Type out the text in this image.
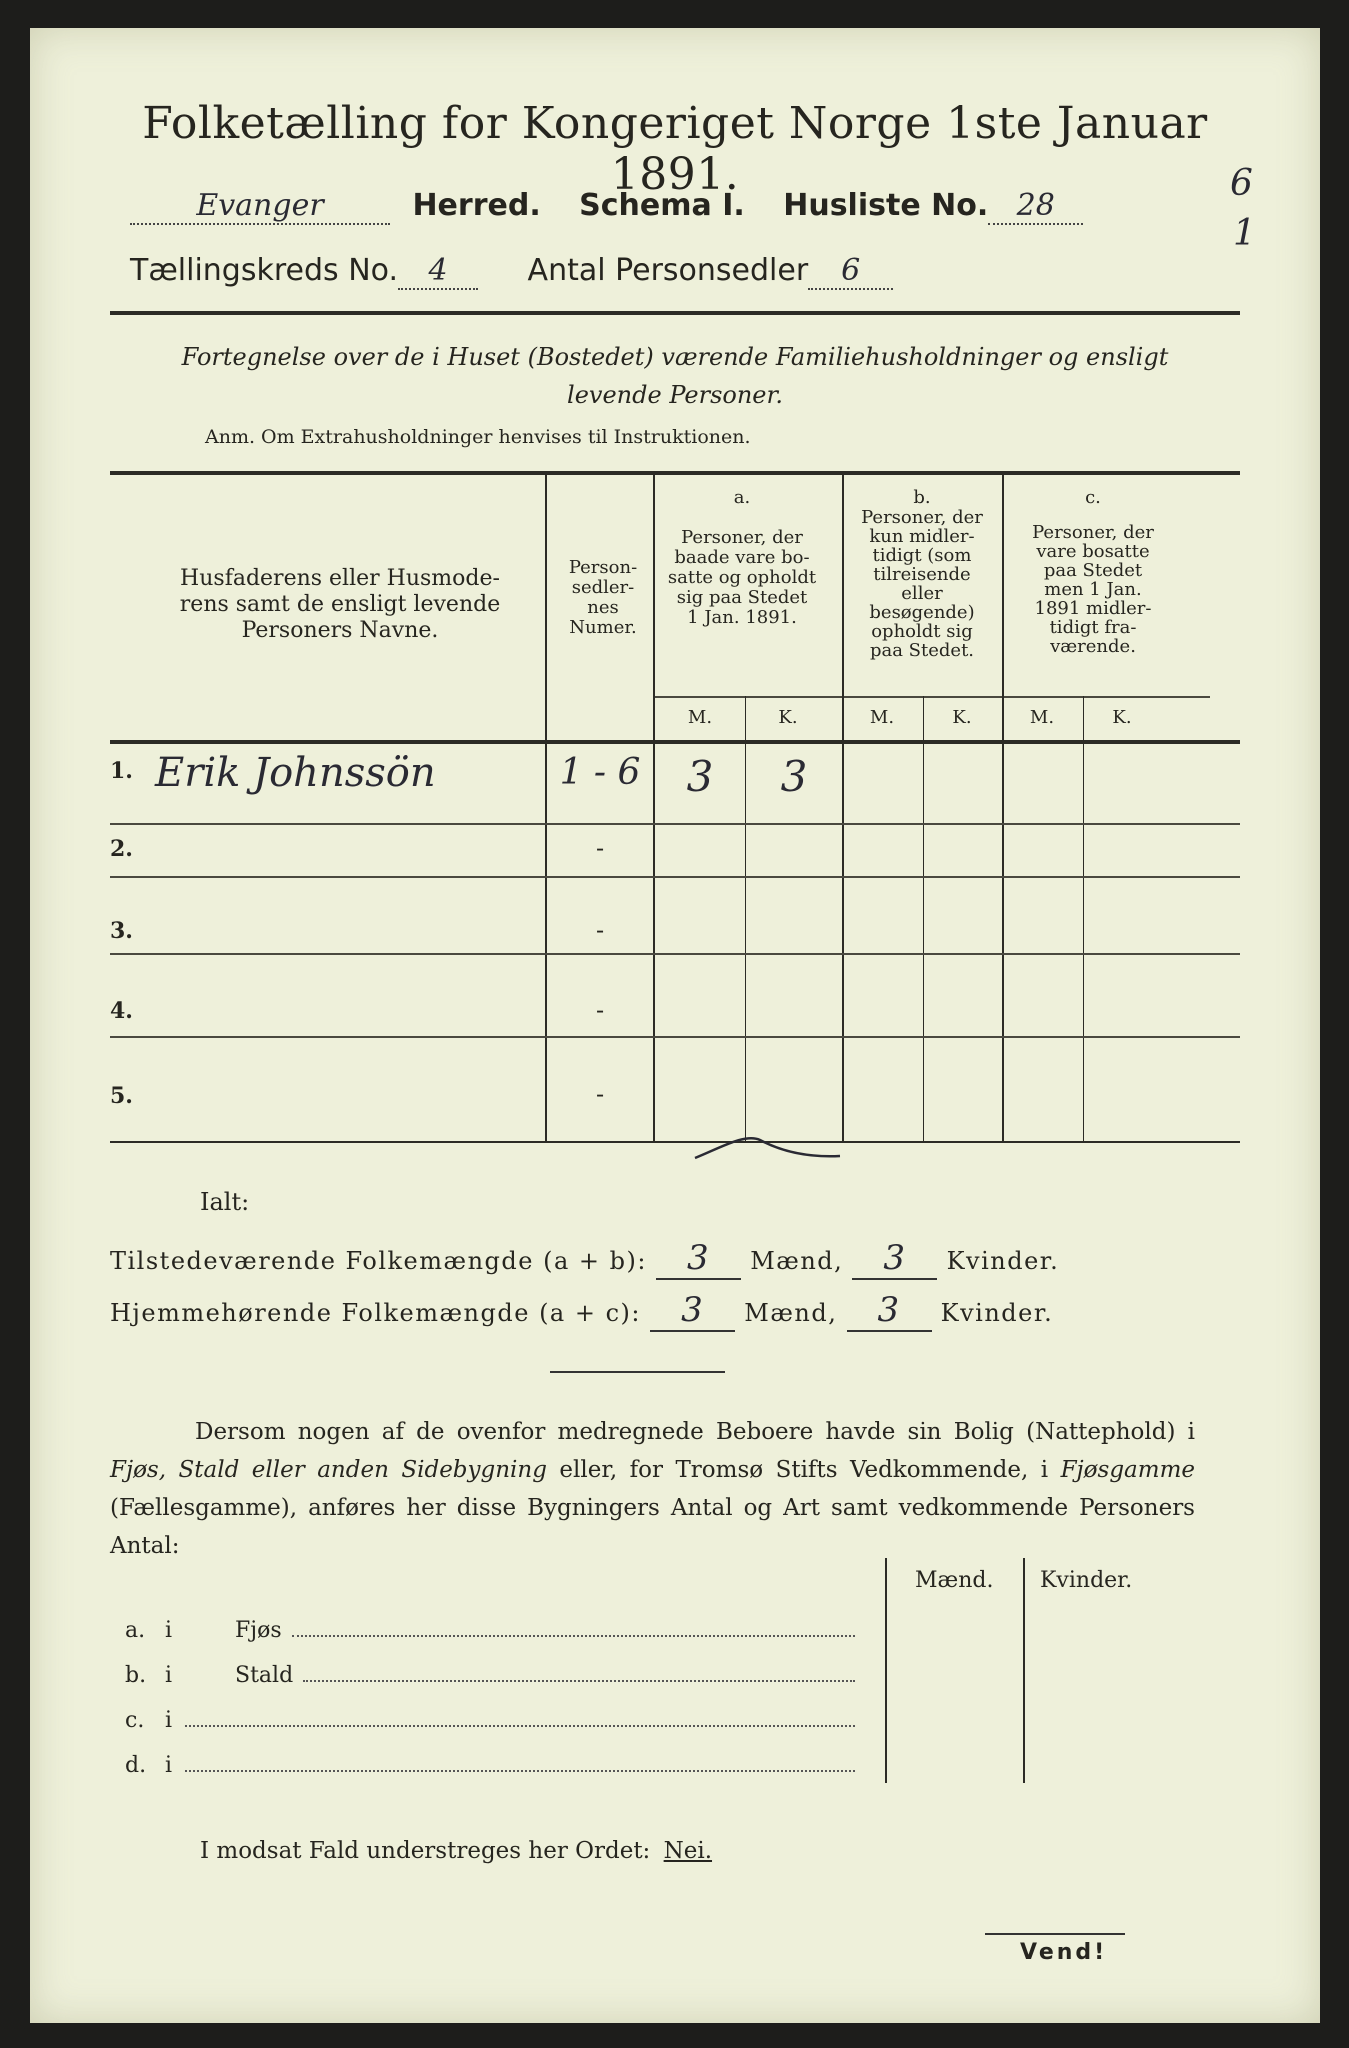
Folketælling for Kongeriget Norge 1ste Januar 1891.
Evanger	Herred. Schema I. Husliste No. 28
6
1
Tællingskreds No. 4	Antal Personsedler 6
Fortegnelse over de i Huset (Bostedet) værende Familiehusholdninger og ensligt
levende Personer.
Anm. Om Extrahusholdninger henvises til Instruktionen.
Husfaderens eller Husmode-
rens samt de ensligt levende
Personers Navne.
Person-
sedler-
nes
Numer.
a.
Personer, der
baade vare bo-
satte og opholdt
sig paa Stedet
1 Jan. 1891.
b.
Personer, der
kun midler-
tidigt (som
tilreisende
eller
besøgende)
opholdt sig
paa Stedet.
c.
Personer, der
vare bosatte
paa Stedet
men 1 Jan.
1891 midler-
tidigt fra-
værende.
M.	K.	M.	K.	M.	K.
1. Erik Johnssön	1 - 6	3	3
2.	-
3.	-
4.	-
5.	-
Ialt:
Tilstedeværende Folkemængde (a + b): 3 Mænd, 3 Kvinder.
Hjemmehørende Folkemængde (a + c): 3 Mænd, 3 Kvinder.
Dersom nogen af de ovenfor medregnede Beboere havde sin Bolig (Nattephold) i Fjøs, Stald eller anden Sidebygning eller, for Tromsø Stifts Vedkommende, i Fjøsgamme (Fællesgamme), anføres her disse Bygningers Antal og Art samt vedkommende Personers Antal:
Mænd. Kvinder.
a. i	Fjøs
b. i	Stald
c. i
d. i
I modsat Fald understreges her Ordet: Nei.
Vend!
